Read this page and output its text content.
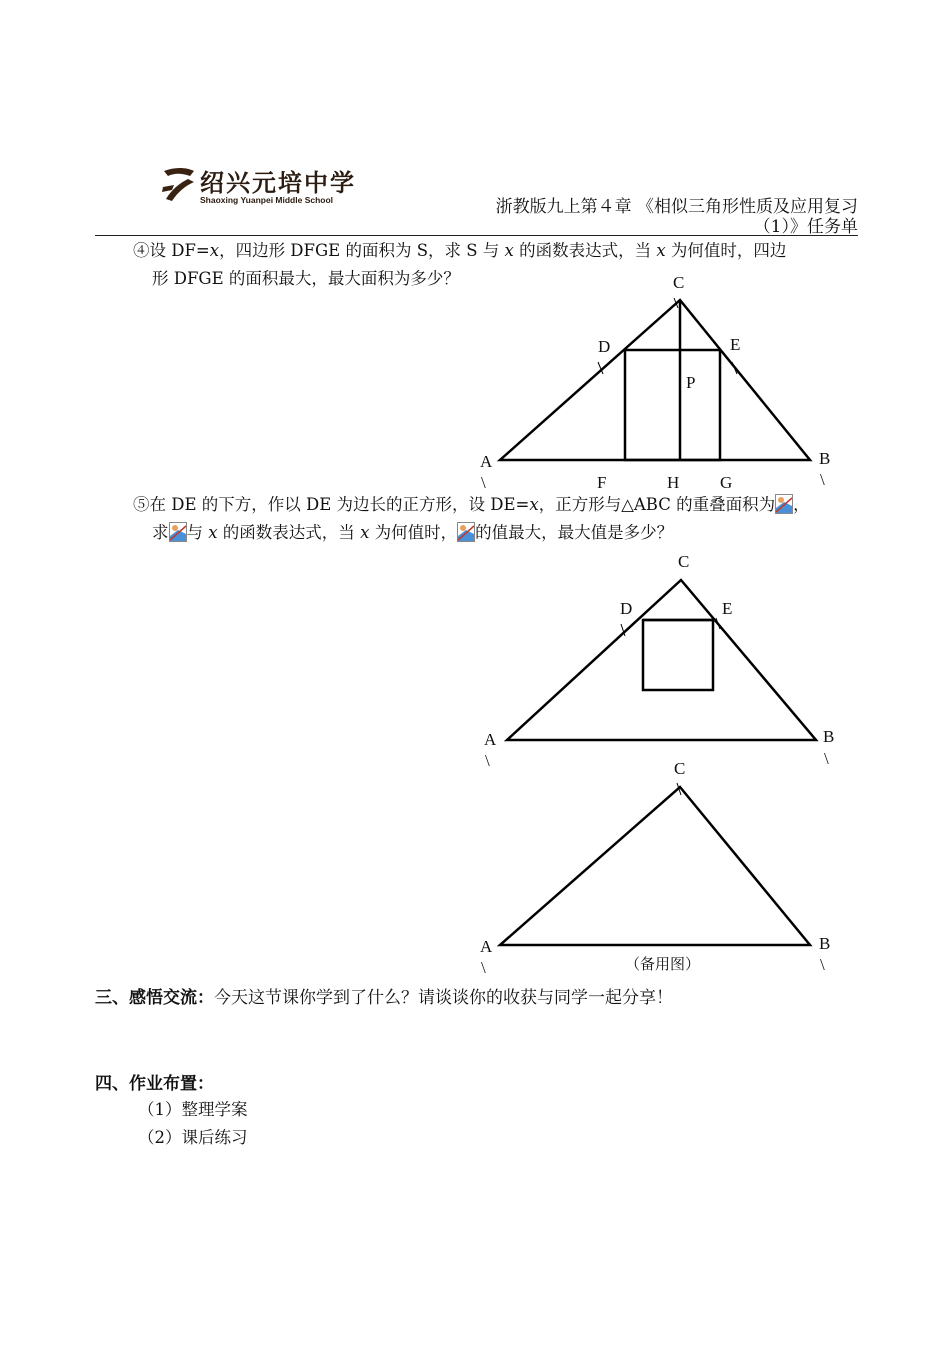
绍兴元培中学
Shaoxing Yuanpei Middle School	浙教版九上第４章 《相似三角形性质及应用复习
（1）》任务单
④设 DF=x，四边形 DFGE 的面积为 S，求 S 与 x 的函数表达式，当 x 为何值时，四边
形 DFGE 的面积最大，最大面积为多少？	C
D	E
P
A	B
F	H G
\	\
⑤在 DE 的下方，作以 DE 为边长的正方形，设 DE=x，正方形与△ABC 的重叠面积为 ，
求 与 x 的函数表达式，当 x 为何值时， 的值最大，最大值是多少？
C
D	E
A	B
\	\
C
A	B
\	\
（备用图）
三、感悟交流：今天这节课你学到了什么？请谈谈你的收获与同学一起分享！
四、作业布置：
（1）整理学案
（2）课后练习
